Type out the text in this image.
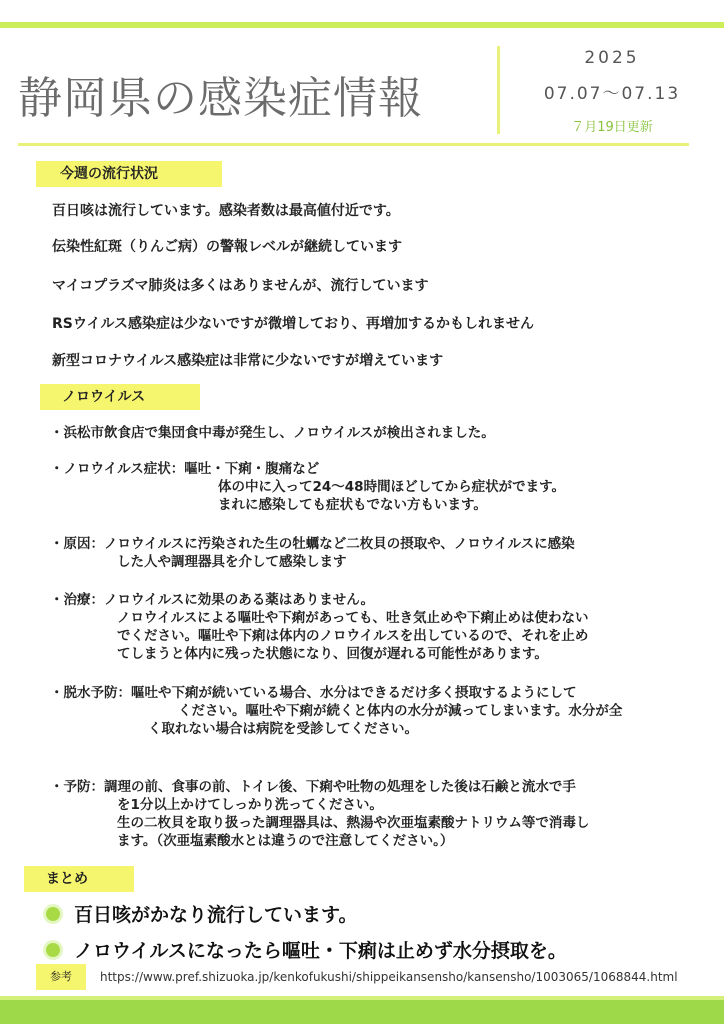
静岡県の感染症情報
2025
07.07〜07.13
７月19日更新
今週の流行状況
百日咳は流行しています。感染者数は最高値付近です。
伝染性紅斑（りんご病）の警報レベルが継続しています
マイコプラズマ肺炎は多くはありませんが、流行しています
RSウイルス感染症は少ないですが微増しており、再増加するかもしれません
新型コロナウイルス感染症は非常に少ないですが増えています
ノロウイルス
・浜松市飲食店で集団食中毒が発生し、ノロウイルスが検出されました。
・ノロウイルス症状：嘔吐・下痢・腹痛など
体の中に入って24〜48時間ほどしてから症状がでます。
まれに感染しても症状もでない方もいます。
・原因：ノロウイルスに汚染された生の牡蠣など二枚貝の摂取や、ノロウイルスに感染
した人や調理器具を介して感染します
・治療：ノロウイルスに効果のある薬はありません。
ノロウイルスによる嘔吐や下痢があっても、吐き気止めや下痢止めは使わない
でください。嘔吐や下痢は体内のノロウイルスを出しているので、それを止め
てしまうと体内に残った状態になり、回復が遅れる可能性があります。
・脱水予防：嘔吐や下痢が続いている場合、水分はできるだけ多く摂取するようにして
ください。嘔吐や下痢が続くと体内の水分が減ってしまいます。水分が全
く取れない場合は病院を受診してください。
・予防：調理の前、食事の前、トイレ後、下痢や吐物の処理をした後は石鹸と流水で手
を1分以上かけてしっかり洗ってください。
生の二枚貝を取り扱った調理器具は、熱湯や次亜塩素酸ナトリウム等で消毒し
ます。（次亜塩素酸水とは違うので注意してください。）
まとめ
百日咳がかなり流行しています。
ノロウイルスになったら嘔吐・下痢は止めず水分摂取を。
参考	https://www.pref.shizuoka.jp/kenkofukushi/shippeikansensho/kansensho/1003065/1068844.html
